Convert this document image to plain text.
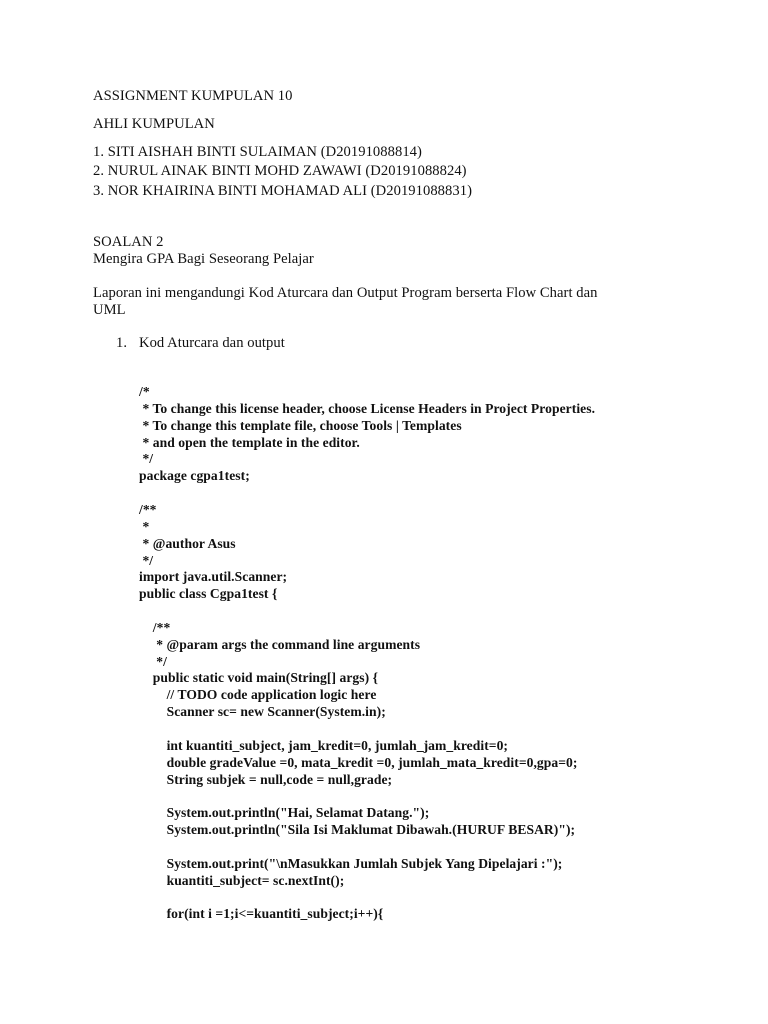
ASSIGNMENT KUMPULAN 10
AHLI KUMPULAN
1. SITI AISHAH BINTI SULAIMAN (D20191088814)
2. NURUL AINAK BINTI MOHD ZAWAWI (D20191088824)
3. NOR KHAIRINA BINTI MOHAMAD ALI (D20191088831)
SOALAN 2
Mengira GPA Bagi Seseorang Pelajar
Laporan ini mengandungi Kod Aturcara dan Output Program berserta Flow Chart dan
UML
1. Kod Aturcara dan output
/*
* To change this license header, choose License Headers in Project Properties.
* To change this template file, choose Tools | Templates
* and open the template in the editor.
*/
package cgpa1test;
/**
*
* @author Asus
*/
import java.util.Scanner;
public class Cgpa1test {
/**
* @param args the command line arguments
*/
public static void main(String[] args) {
// TODO code application logic here
Scanner sc= new Scanner(System.in);
int kuantiti_subject, jam_kredit=0, jumlah_jam_kredit=0;
double gradeValue =0, mata_kredit =0, jumlah_mata_kredit=0,gpa=0;
String subjek = null,code = null,grade;
System.out.println("Hai, Selamat Datang.");
System.out.println("Sila Isi Maklumat Dibawah.(HURUF BESAR)");
System.out.print("\nMasukkan Jumlah Subjek Yang Dipelajari :");
kuantiti_subject= sc.nextInt();
for(int i =1;i<=kuantiti_subject;i++){
